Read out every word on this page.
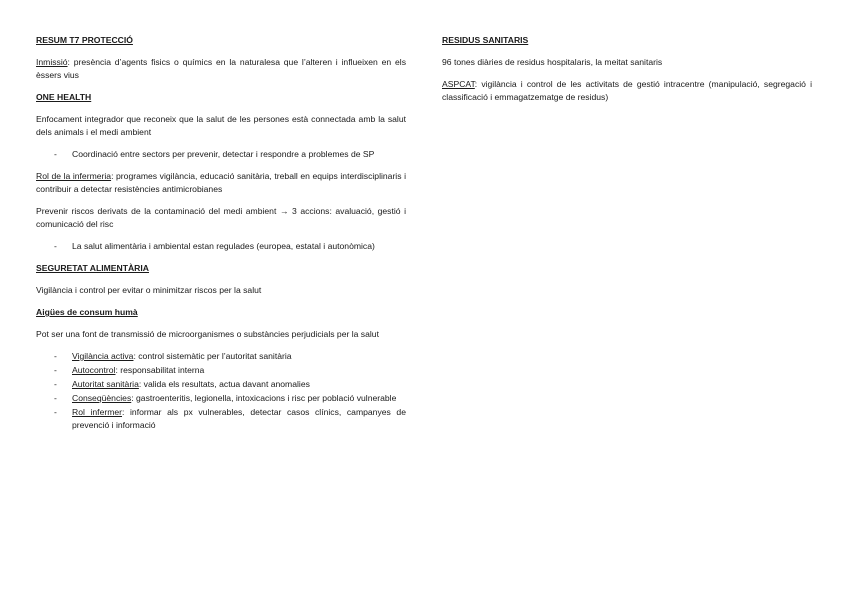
RESUM T7 PROTECCIÓ

Inmissió: presència d’agents fisics o químics en la naturalesa que l’alteren i influeixen en els èssers vius

ONE HEALTH

Enfocament integrador que reconeix que la salut de les persones està connectada amb la salut dels animals i el medi ambient

- Coordinació entre sectors per prevenir, detectar i respondre a problemes de SP

Rol de la infermeria: programes vigilància, educació sanitària, treball en equips interdisciplinaris i contribuir a detectar resistències antimicrobianes

Prevenir riscos derivats de la contaminació del medi ambient → 3 accions: avaluació, gestió i comunicació del risc

- La salut alimentària i ambiental estan regulades (europea, estatal i autonòmica)
SEGURETAT ALIMENTÀRIA

Vigilància i control per evitar o minimitzar riscos per la salut

Aigües de consum humà

Pot ser una font de transmissió de microorganismes o substàncies perjudicials per la salut

- Vigilància activa: control sistemàtic per l’autoritat sanitària
- Autocontrol: responsabilitat interna
- Autoritat sanitària: valida els resultats, actua davant anomalies
- Conseqüències: gastroenteritis, legionella, intoxicacions i risc per població vulnerable
- Rol infermer: informar als px vulnerables, detectar casos clínics, campanyes de prevenció i informació
RESIDUS SANITARIS

96 tones diàries de residus hospitalaris, la meitat sanitaris

ASPCAT: vigilància i control de les activitats de gestió intracentre (manipulació, segregació i classificació i emmagatzematge de residus)
